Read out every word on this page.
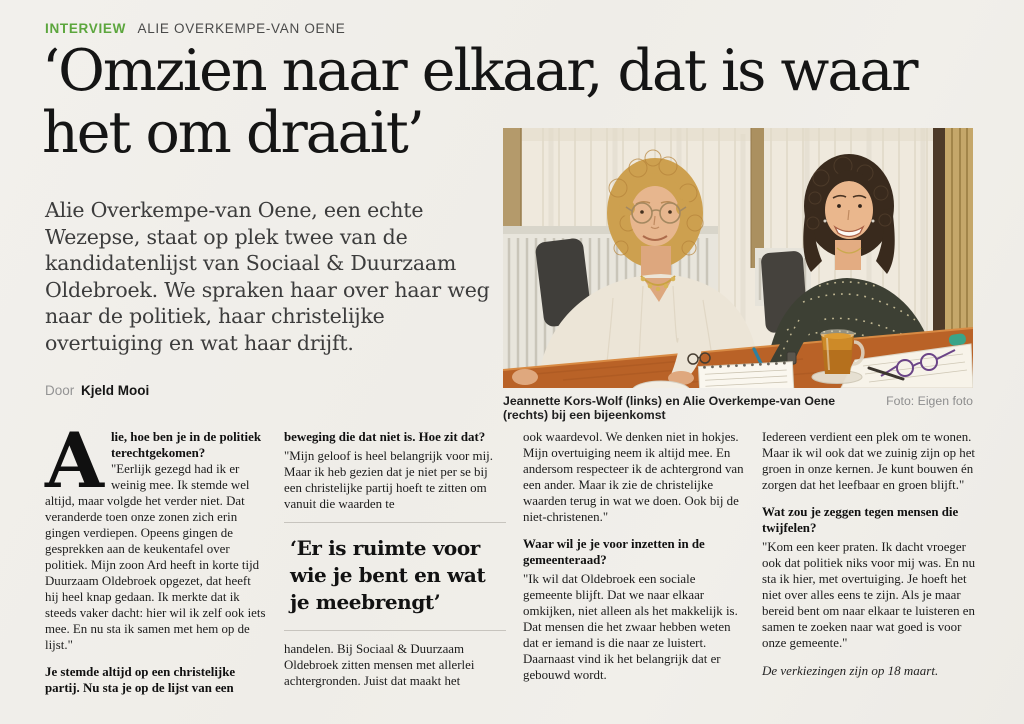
INTERVIEW ALIE OVERKEMPE-VAN OENE
‘Omzien naar elkaar, dat is waar
het om draait’

Alie Overkempe-van Oene, een echte Wezepse, staat op plek twee van de kandidatenlijst van Sociaal & Duurzaam Oldebroek. We spraken haar over haar weg naar de politiek, haar christelijke overtuiging en wat haar drijft.

Door Kjeld Mooi

Jeannette Kors-Wolf (links) en Alie Overkempe-van Oene (rechts) bij een bijeenkomst
Foto: Eigen foto
Alie, hoe ben je in de politiek terechtgekomen?
"Eerlijk gezegd had ik er weinig mee. Ik stemde wel altijd, maar volgde het verder niet. Dat veranderde toen onze zonen zich erin gingen verdiepen. Opeens gingen de gesprekken aan de keukentafel over politiek. Mijn zoon Ard heeft in korte tijd Duurzaam Oldebroek opgezet, dat heeft hij heel knap gedaan. Ik merkte dat ik steeds vaker dacht: hier wil ik zelf ook iets mee. En nu sta ik samen met hem op de lijst."

Je stemde altijd op een christelijke partij. Nu sta je op de lijst van een

beweging die dat niet is. Hoe zit dat?

"Mijn geloof is heel belangrijk voor mij. Maar ik heb gezien dat je niet per se bij een christelijke partij hoeft te zitten om vanuit die waarden te

‘Er is ruimte voor wie je bent en wat je meebrengt’

handelen. Bij Sociaal & Duurzaam Oldebroek zitten mensen met allerlei achtergronden. Juist dat maakt het

ook waardevol. We denken niet in hokjes. Mijn overtuiging neem ik altijd mee. En andersom respecteer ik de achtergrond van een ander. Maar ik zie de christelijke waarden terug in wat we doen. Ook bij de niet-christenen."

Waar wil je je voor inzetten in de gemeenteraad?

"Ik wil dat Oldebroek een sociale gemeente blijft. Dat we naar elkaar omkijken, niet alleen als het makkelijk is. Dat mensen die het zwaar hebben weten dat er iemand is die naar ze luistert. Daarnaast vind ik het belangrijk dat er gebouwd wordt.

Iedereen verdient een plek om te wonen. Maar ik wil ook dat we zuinig zijn op het groen in onze kernen. Je kunt bouwen én zorgen dat het leefbaar en groen blijft."

Wat zou je zeggen tegen mensen die twijfelen?

"Kom een keer praten. Ik dacht vroeger ook dat politiek niks voor mij was. En nu sta ik hier, met overtuiging. Je hoeft het niet over alles eens te zijn. Als je maar bereid bent om naar elkaar te luisteren en samen te zoeken naar wat goed is voor onze gemeente."

De verkiezingen zijn op 18 maart.
